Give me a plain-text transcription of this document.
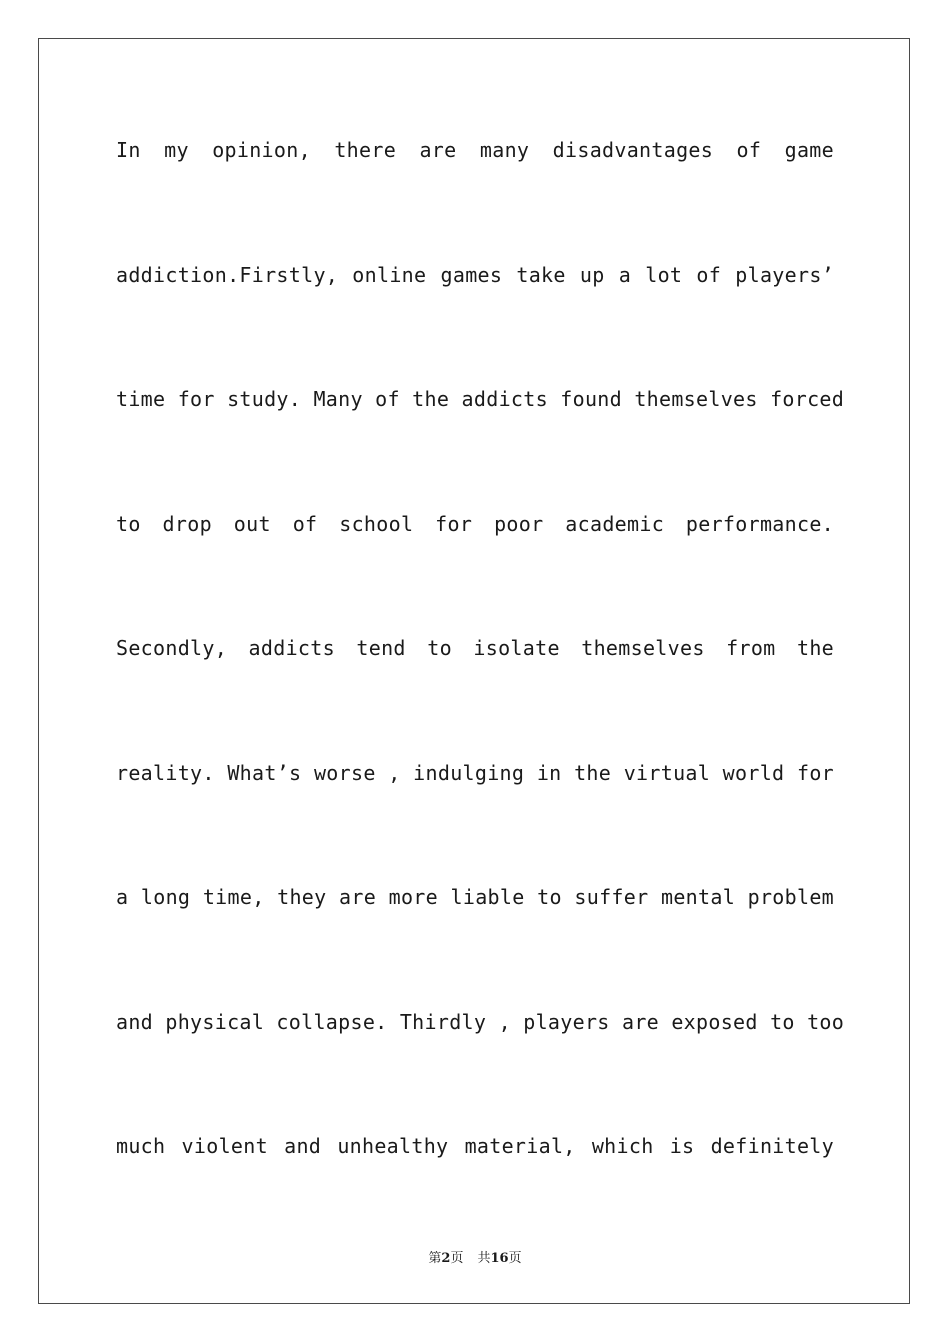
In my opinion, there are many disadvantages of game
addiction.Firstly, online games take up a lot of players’
time for study. Many of the addicts found themselves forced
to drop out of school for poor academic performance.
Secondly, addicts tend to isolate themselves from the
reality. What’s worse , indulging in the virtual world for
a long time, they are more liable to suffer mental problem
and physical collapse. Thirdly , players are exposed to too
much violent and unhealthy material, which is definitely
第2页 共16页
